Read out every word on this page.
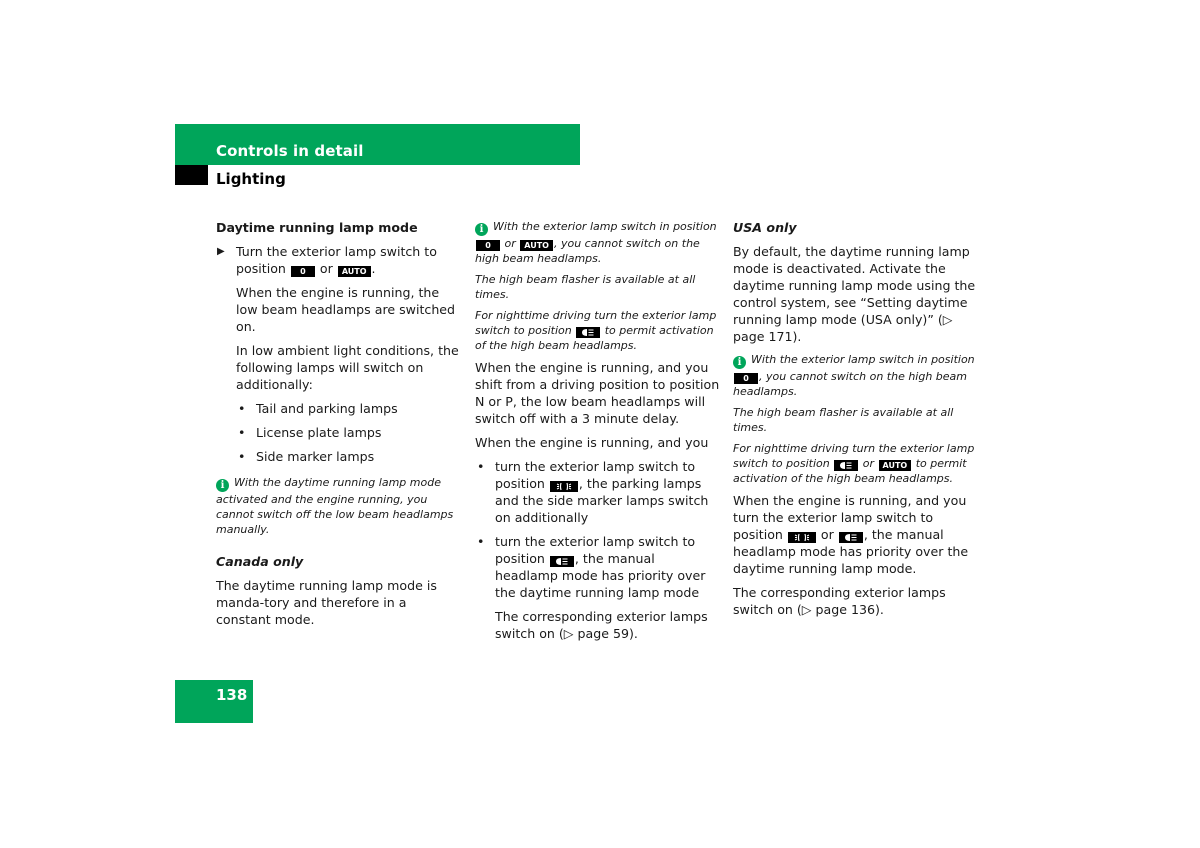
Controls in detail
Lighting
Daytime running lamp mode
▶ Turn the exterior lamp switch to position 0 or AUTO .

When the engine is running, the low beam headlamps are switched on.

In low ambient light conditions, the following lamps will switch on additionally:

• Tail and parking lamps
• License plate lamps
• Side marker lamps
i With the daytime running lamp mode activated and the engine running, you cannot switch off the low beam headlamps manually.
Canada only

The daytime running lamp mode is manda-tory and therefore in a constant mode.

i With the exterior lamp switch in position 0 or AUTO , you cannot switch on the high beam headlamps.
The high beam flasher is available at all times.
For nighttime driving turn the exterior lamp switch to position	to permit activation of the high beam headlamps.

When the engine is running, and you shift from a driving position to position N or P, the low beam headlamps will switch off with a 3 minute delay.

When the engine is running, and you

• turn the exterior lamp switch to position	, the parking lamps and the side marker lamps switch on additionally
• turn the exterior lamp switch to position , the manual headlamp mode has priority over the daytime running lamp mode

The corresponding exterior lamps switch on (▷ page 59).

USA only

By default, the daytime running lamp mode is deactivated. Activate the daytime running lamp mode using the control system, see “Setting daytime running lamp mode (USA only)” (▷ page 171).

i With the exterior lamp switch in position 0 , you cannot switch on the high beam headlamps.
The high beam flasher is available at all times.
For nighttime driving turn the exterior lamp switch to position	or AUTO to permit activation of the high beam headlamps.

When the engine is running, and you turn the exterior lamp switch to position	or , the manual headlamp mode has priority over the daytime running lamp mode.

The corresponding exterior lamps switch on (▷ page 136).

138
